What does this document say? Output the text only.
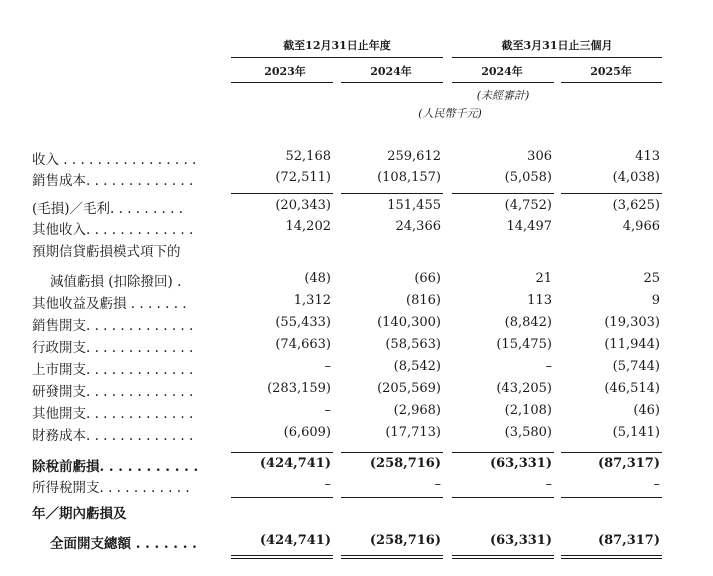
截至12月31日止年度	截至3月31日止三個月
2023年	2024年	2024年	2025年
(未經審計)
(人民幣千元)
收入 . . . . . . . . . . . . . . . .	52,168	259,612	306	413
銷售成本. . . . . . . . . . . . .	(72,511)	(108,157)	(5,058)	(4,038)
(毛損)／毛利. . . . . . . . .	(20,343)	151,455	(4,752)	(3,625)
其他收入. . . . . . . . . . . . .	14,202	24,366	14,497	4,966
預期信貸虧損模式項下的
減值虧損 (扣除撥回) .	(48)	(66)	21	25
其他收益及虧損 . . . . . . .	1,312	(816)	113	9
銷售開支. . . . . . . . . . . . .	(55,433)	(140,300)	(8,842)	(19,303)
行政開支. . . . . . . . . . . . .	(74,663)	(58,563)	(15,475)	(11,944)
上市開支. . . . . . . . . . . . .	–	(8,542)	–	(5,744)
研發開支. . . . . . . . . . . . .	(283,159)	(205,569)	(43,205)	(46,514)
其他開支. . . . . . . . . . . . .	–	(2,968)	(2,108)	(46)
財務成本. . . . . . . . . . . . .	(6,609)	(17,713)	(3,580)	(5,141)
除稅前虧損. . . . . . . . . . .	(424,741)	(258,716)	(63,331)	(87,317)
所得稅開支. . . . . . . . . . .	–	–	–	–
年／期內虧損及
全面開支總額 . . . . . . .	(424,741)	(258,716)	(63,331)	(87,317)
